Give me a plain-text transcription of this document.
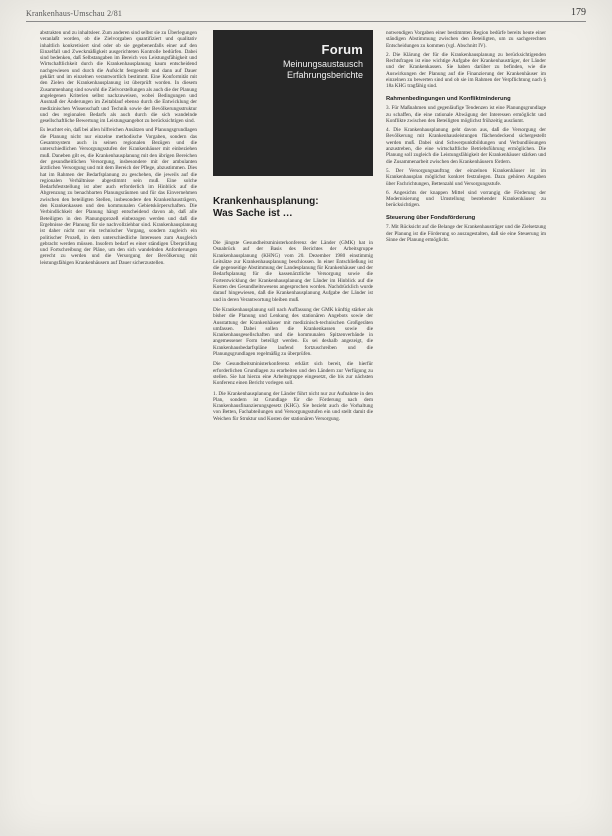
Krankenhaus-Umschau 2/81	179

abstrakten und zu inhaltsleer. Zum anderen sind selbst sie zu Überlegungen veranlaßt worden, ob die Zielvorgaben quantifiziert und qualitativ inhaltlich konkretisiert sind oder ob sie gegebenenfalls einer auf den Einzelfall und Zweckmäßigkeit ausgerichteten Kontrolle bedürfen. Dabei sind bedenken, daß Selbstangaben im Bereich von Leistungsfähigkeit und Wirtschaftlichkeit durch die Krankenhausplanung kaum entscheidend nachgewiesen und durch die Aufsicht festgestellt und dann auf Dauer geklärt und im einzelnen verantwortlich bestimmt. Eine Konformität mit den Zielen der Krankenhausplanung ist überprüft worden. In diesem Zusammenhang sind sowohl die Zielvorstellungen als auch die der Planung angelegenen Kriterien selbst nachzuweisen, wobei Bedingungen und Ausmaß der Änderungen im Zeitablauf ebenso durch die Entwicklung der medizinischen Wissenschaft und Technik sowie der Bevölkerungsstruktur und des regionalen Bedarfs als auch durch die sich wandelnde gesellschaftliche Bewertung im Leistungsangebot zu berücksichtigen sind.

Es leuchtet ein, daß bei allen hilfreichen Ansätzen und Planungsgrundlagen die Planung nicht nur einzelne methodische Vorgaben, sondern das Gesamtsystem auch in seinen regionalen Bezügen und die unterschiedlichen Versorgungsstufen der Krankenhäuser mit einbeziehen muß. Daneben gilt es, die Krankenhausplanung mit den übrigen Bereichen der gesundheitlichen Versorgung, insbesondere mit der ambulanten ärztlichen Versorgung und mit dem Bereich der Pflege, abzustimmen. Dies hat im Rahmen der Bedarfsplanung zu geschehen, die jeweils auf die regionalen Verhältnisse abgestimmt sein muß. Eine solche Bedarfsfeststellung ist aber auch erforderlich im Hinblick auf die Abgrenzung zu benachbarten Planungsräumen und für das Einvernehmen zwischen den beteiligten Stellen, insbesondere den Krankenhausträgern, den Krankenkassen und den kommunalen Gebietskörperschaften. Die Verbindlichkeit der Planung hängt entscheidend davon ab, daß alle Beteiligten in den Planungsprozeß einbezogen werden und daß die Ergebnisse der Planung für sie nachvollziehbar sind. Krankenhausplanung ist daher nicht nur ein technischer Vorgang, sondern zugleich ein politischer Prozeß, in dem unterschiedliche Interessen zum Ausgleich gebracht werden müssen. Insofern bedarf es einer ständigen Überprüfung und Fortschreibung der Pläne, um den sich wandelnden Anforderungen gerecht zu werden und die Versorgung der Bevölkerung mit leistungsfähigen Krankenhäusern auf Dauer sicherzustellen.

Forum
Meinungsaustausch
Erfahrungsberichte
Krankenhausplanung:
Was Sache ist …

Die jüngste Gesundheitsministerkonferenz der Länder (GMK) hat in Osnabrück auf der Basis des Berichtes der Arbeitsgruppe Krankenhausplanung (KHNG) vom 20. Dezember 1980 einstimmig Leitsätze zur Krankenhausplanung beschlossen. In einer Entschließung ist die gegenseitige Abstimmung der Landesplanung für Krankenhäuser und der Bedarfsplanung für die kassenärztliche Versorgung sowie die Fortentwicklung der Krankenhausplanung der Länder im Hinblick auf die Kosten des Gesundheitswesens angesprochen worden. Nachdrücklich wurde darauf hingewiesen, daß die Krankenhausplanung Aufgabe der Länder ist und in deren Verantwortung bleiben muß.

Die Krankenhausplanung soll nach Auffassung der GMK künftig stärker als bisher die Planung und Lenkung des stationären Angebots sowie der Ausstattung der Krankenhäuser mit medizinisch-technischen Großgeräten umfassen. Dabei sollen die Krankenkassen sowie die Krankenhausgesellschaften und die kommunalen Spitzenverbände in angemessener Form beteiligt werden. Es sei deshalb angezeigt, die Krankenhausbedarfspläne laufend fortzuschreiben und die Planungsgrundlagen regelmäßig zu überprüfen.

Die Gesundheitsministerkonferenz erklärt sich bereit, die hierfür erforderlichen Grundlagen zu erarbeiten und den Ländern zur Verfügung zu stellen. Sie hat hierzu eine Arbeitsgruppe eingesetzt, die bis zur nächsten Konferenz einen Bericht vorlegen soll.

1. Die Krankenhausplanung der Länder führt nicht nur zur Aufnahme in den Plan, sondern ist Grundlage für die Förderung nach dem Krankenhausfinanzierungsgesetz (KHG). Sie bezieht auch die Vorhaltung von Betten, Fachabteilungen und Versorgungsstufen ein und stellt damit die Weichen für Struktur und Kosten der stationären Versorgung.

notwendigen Vorgaben einer bestimmten Region bedürfe bereits heute einer ständigen Abstimmung zwischen den Beteiligten, um zu sachgerechten Entscheidungen zu kommen (vgl. Abschnitt IV).

2. Die Klärung der für die Krankenhausplanung zu berücksichtigenden Rechtsfragen ist eine wichtige Aufgabe der Krankenhausträger, der Länder und der Krankenkassen. Sie haben darüber zu befinden, wie die Auswirkungen der Planung auf die Finanzierung der Krankenhäuser im einzelnen zu bewerten sind und ob sie im Rahmen der Verpflichtung nach § 18a KHG tragfähig sind.

Rahmenbedingungen und Konfliktminderung

3. Für Maßnahmen und gegenläufige Tendenzen ist eine Planungsgrundlage zu schaffen, die eine rationale Abwägung der Interessen ermöglicht und Konflikte zwischen den Beteiligten möglichst frühzeitig ausräumt.

4. Die Krankenhausplanung geht davon aus, daß die Versorgung der Bevölkerung mit Krankenhausleistungen flächendeckend sichergestellt werden muß. Dabei sind Schwerpunktbildungen und Verbundlösungen anzustreben, die eine wirtschaftliche Betriebsführung ermöglichen. Die Planung soll zugleich die Leistungsfähigkeit der Krankenhäuser stärken und die Zusammenarbeit zwischen den Krankenhäusern fördern.

5. Der Versorgungsauftrag der einzelnen Krankenhäuser ist im Krankenhausplan möglichst konkret festzulegen. Dazu gehören Angaben über Fachrichtungen, Bettenzahl und Versorgungsstufe.

6. Angesichts der knappen Mittel sind vorrangig die Förderung der Modernisierung und Umstellung bestehender Krankenhäuser zu berücksichtigen.

Steuerung über Fondsförderung

7. Mit Rücksicht auf die Belange der Krankenhausträger und die Zielsetzung der Planung ist die Förderung so auszugestalten, daß sie eine Steuerung im Sinne der Planung ermöglicht.
